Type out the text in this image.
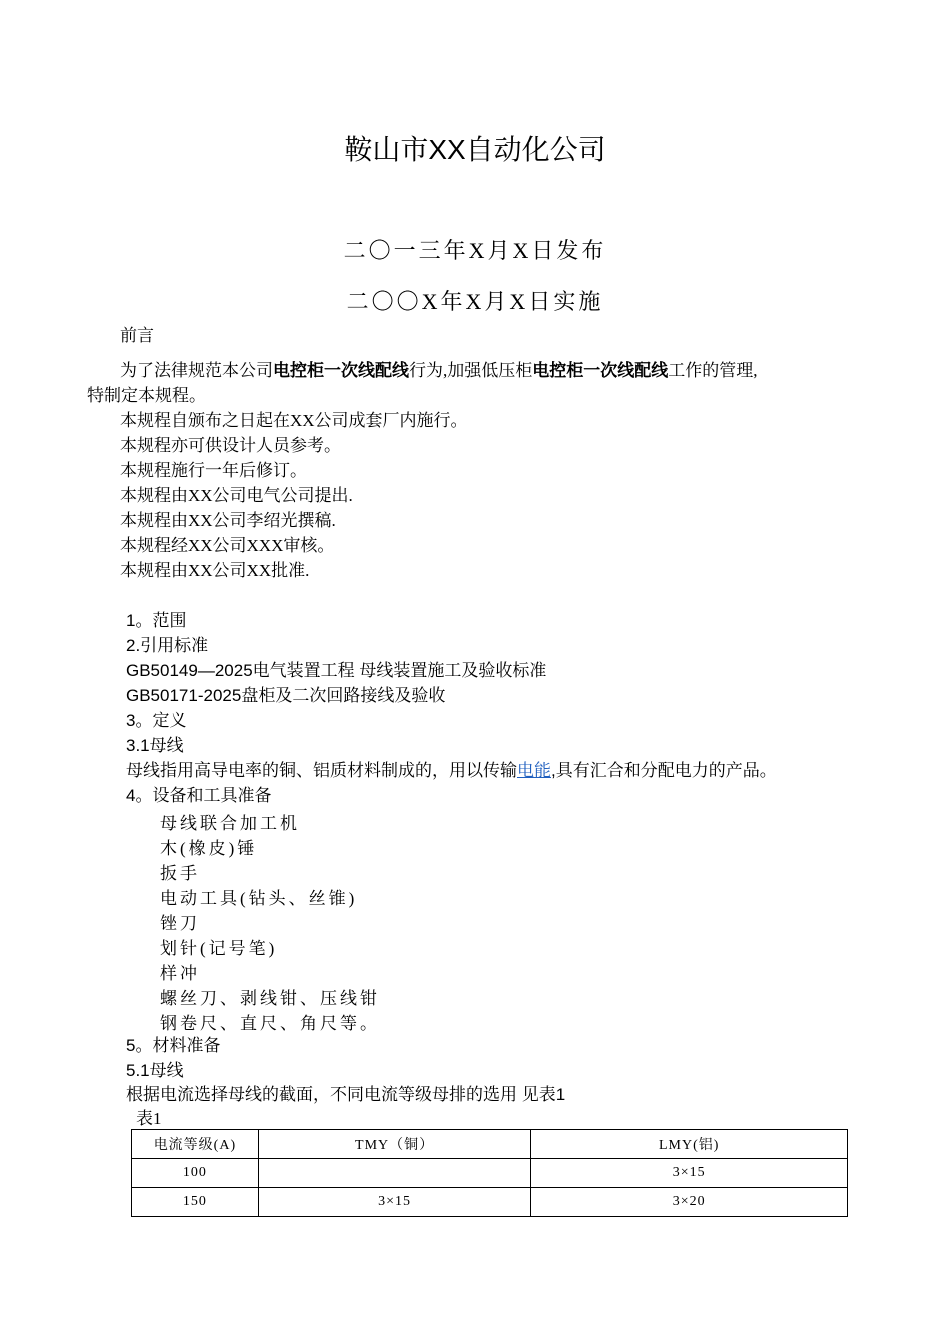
鞍山市XX自动化公司
二〇一三年X月X日发布
二〇〇X年X月X日实施
前言
为了法律规范本公司电控柜一次线配线行为,加强低压柜电控柜一次线配线工作的管理,
特制定本规程。
本规程自颁布之日起在XX公司成套厂内施行。
本规程亦可供设计人员参考。
本规程施行一年后修订。
本规程由XX公司电气公司提出.
本规程由XX公司李绍光撰稿.
本规程经XX公司XXX审核。
本规程由XX公司XX批准.
1。范围
2.引用标准
GB50149—2025电气装置工程 母线装置施工及验收标准
GB50171-2025盘柜及二次回路接线及验收
3。定义
3.1母线
母线指用高导电率的铜、铝质材料制成的，用以传输电能,具有汇合和分配电力的产品。
4。设备和工具准备
母线联合加工机
木(橡皮)锤
扳手
电动工具(钻头、丝锥)
锉刀
划针(记号笔)
样冲
螺丝刀、剥线钳、压线钳
钢卷尺、直尺、角尺等。
5。材料准备
5.1母线
根据电流选择母线的截面，不同电流等级母排的选用 见表1
表1
电流等级(A)	TMY（铜）	LMY(铝)
100		3×15
150	3×15	3×20
